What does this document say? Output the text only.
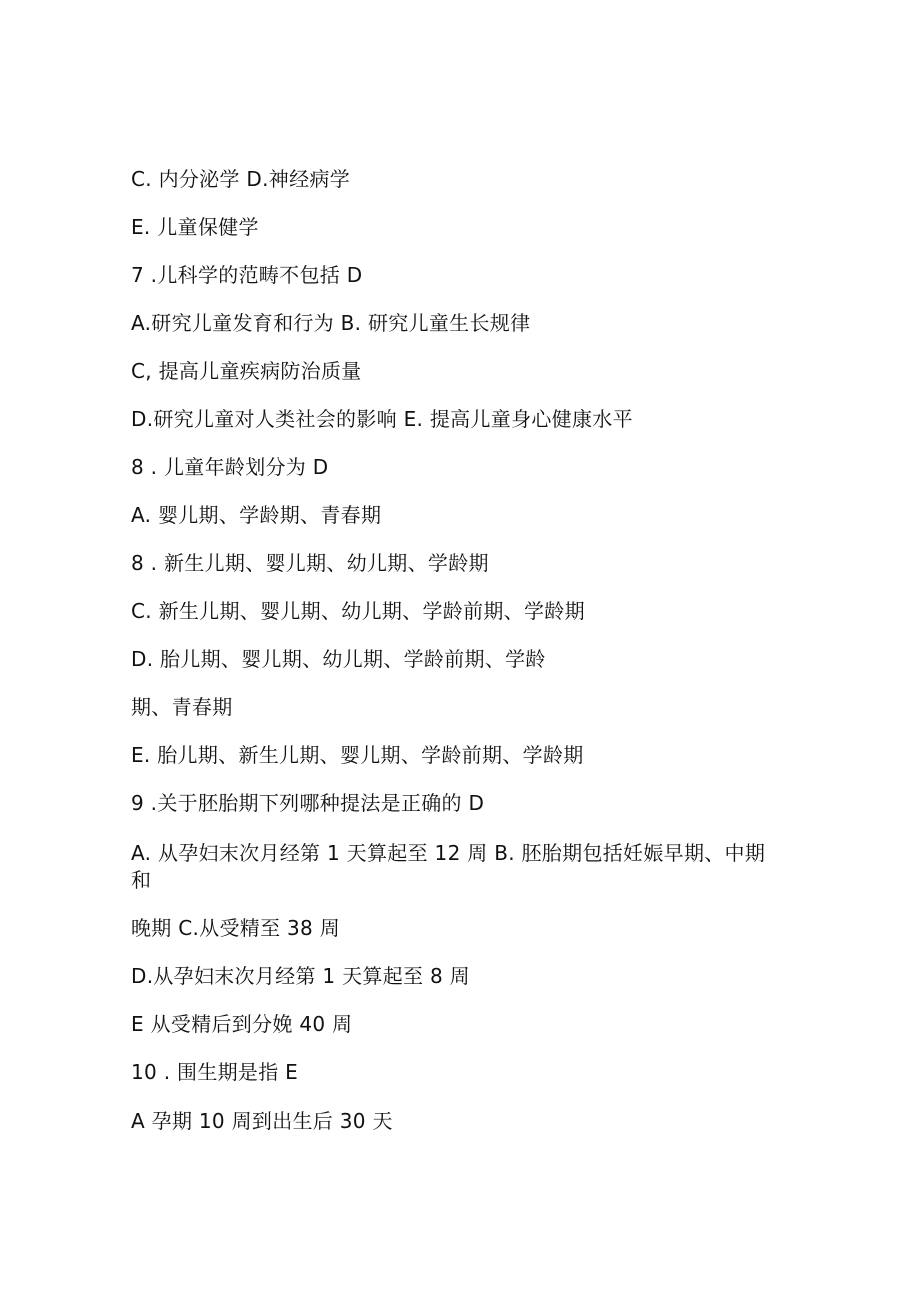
C. 内分泌学 D.神经病学
E. 儿童保健学
7 .儿科学的范畴不包括 D
A.研究儿童发育和行为 B. 研究儿童生长规律
C, 提高儿童疾病防治质量
D.研究儿童对人类社会的影响 E. 提高儿童身心健康水平
8 . 儿童年龄划分为 D
A. 婴儿期、学龄期、青春期
8 . 新生儿期、婴儿期、幼儿期、学龄期
C. 新生儿期、婴儿期、幼儿期、学龄前期、学龄期
D. 胎儿期、婴儿期、幼儿期、学龄前期、学龄
期、青春期
E. 胎儿期、新生儿期、婴儿期、学龄前期、学龄期
9 .关于胚胎期下列哪种提法是正确的 D
A. 从孕妇末次月经第 1 天算起至 12 周 B. 胚胎期包括妊娠早期、中期
和
晚期 C.从受精至 38 周
D.从孕妇末次月经第 1 天算起至 8 周
E 从受精后到分娩 40 周
10 . 围生期是指 E
A 孕期 10 周到出生后 30 天
